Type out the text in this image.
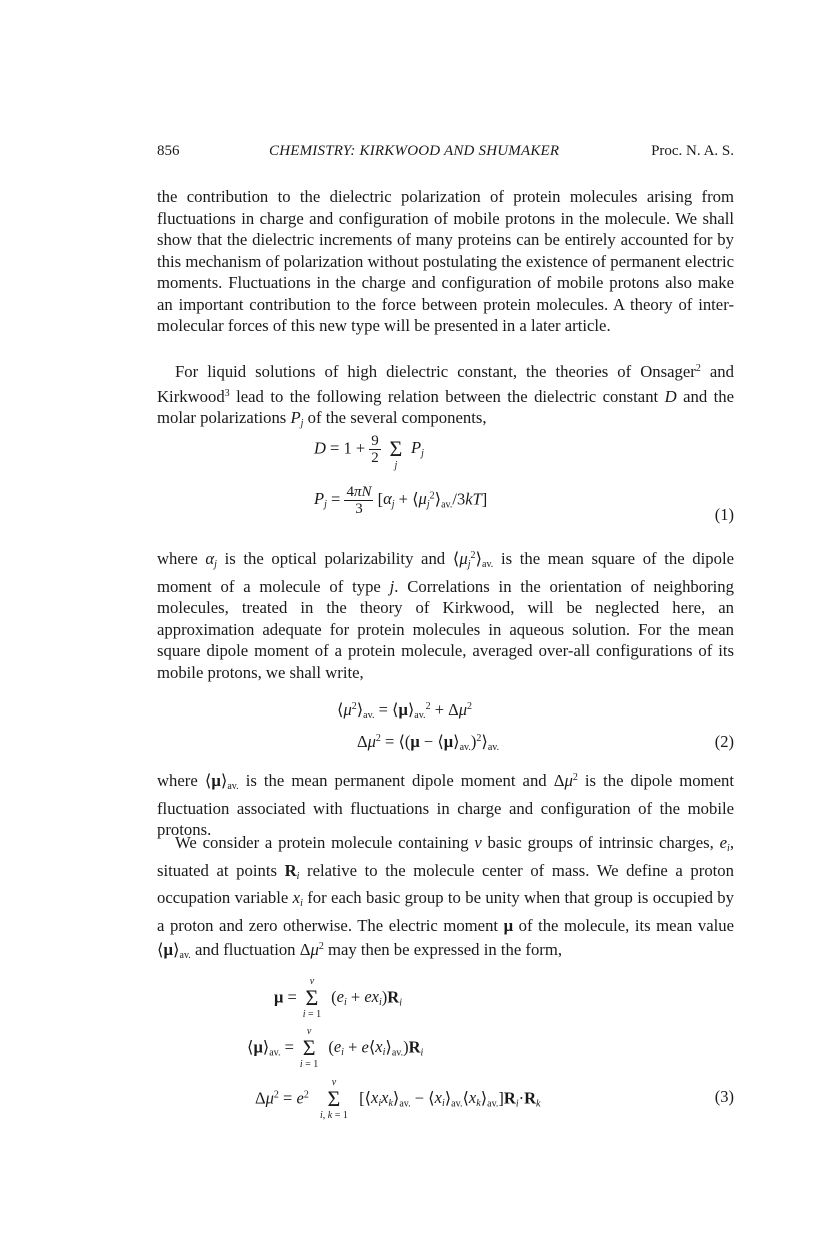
856	CHEMISTRY: KIRKWOOD AND SHUMAKER	Proc. N. A. S.

the contribution to the dielectric polarization of protein molecules arising from fluctuations in charge and configuration of mobile protons in the molecule. We shall show that the dielectric increments of many proteins can be entirely accounted for by this mechanism of polarization without postulating the existence of permanent electric moments. Fluctuations in the charge and configuration of mobile protons also make an important contribution to the force between protein molecules. A theory of inter-molecular forces of this new type will be presented in a later article.

For liquid solutions of high dielectric constant, the theories of Onsager$^2$ and Kirkwood$^3$ lead to the following relation between the dielectric constant D and the molar polarizations $P_j$ of the several components,

$D = 1 + \frac{9}{2}$

Σ
j
$P_j$
$P_j = \frac{4\pi N}{3} [\alpha_j$ + $⟨\mu_j^2⟩_{av.}/3kT$]
(1)

where $\alpha_j$ is the optical polarizability and $⟨\mu_j^2⟩_{av.}$ is the mean square of the dipole moment of a molecule of type j. Correlations in the orientation of neighboring molecules, treated in the theory of Kirkwood, will be neglected here, an approximation adequate for protein molecules in aqueous solution. For the mean square dipole moment of a protein molecule, averaged over-all configurations of its mobile protons, we shall write,

$⟨\mu^2⟩_{av.}$ = $⟨\mu⟩_{av.}^2 + \Delta\mu^2$
$\Delta\mu^2$ = ⟨(μ − $⟨\mu⟩_{av.})^2⟩_{av.}$	(2)

where $⟨\mu⟩_{av.}$ is the mean permanent dipole moment and $\Delta\mu^2$ is the dipole moment fluctuation associated with fluctuations in charge and configuration of the mobile protons.

We consider a protein molecule containing ν basic groups of intrinsic charges, $e_i$, situated at points $R_i$ relative to the molecule center of mass. We define a proton occupation variable $x_i$ for each basic group to be unity when that group is occupied by a proton and zero otherwise. The electric moment μ of the molecule, its mean value $⟨\mu⟩_{av.}$ and fluctuation $\Delta\mu^2$ may then be expressed in the form,

μ =
ν
Σ
i = 1
$(e_i + ex_i)R_i$
$⟨\mu⟩_{av.}$ =
ν
Σ
i = 1
($e_i$ + $e⟨x_i⟩_{av.})R_i$
$\Delta\mu^2 = e^2$
ν
Σ
i, k = 1
[$⟨x_ix_k⟩_{av.}$ − $⟨x_i⟩_{av.}⟨x_k⟩_{av.}]R_i\cdot R_k$	(3)
